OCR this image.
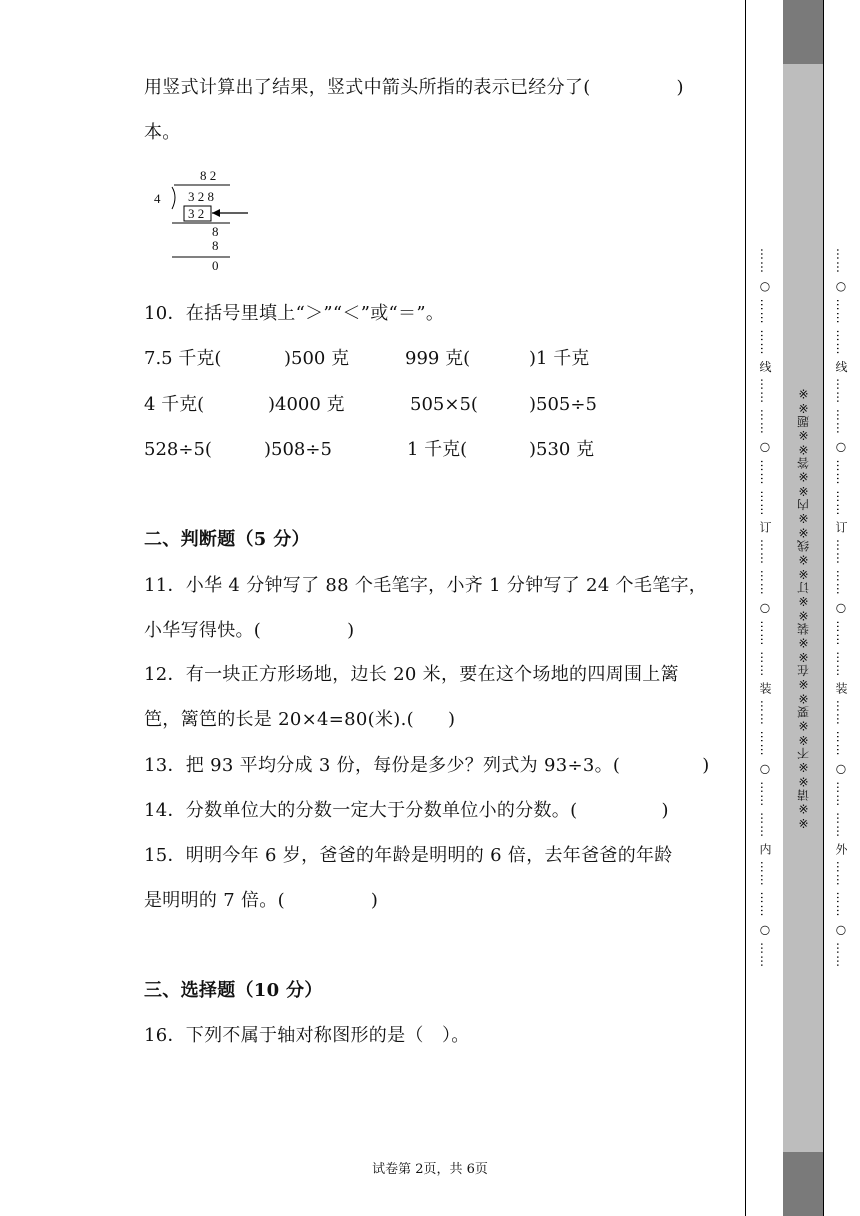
用竖式计算出了结果，竖式中箭头所指的表示已经分了(	)
本。
8 2
4 3 2 8
3 2
8
8
0
10．在括号里填上“＞”“＜”或“＝”。
7.5 千克(	)500 克	999 克(	)1 千克
4 千克(	)4000 克	505×5(	)505÷5
528÷5(	)508÷5	1 千克(	)530 克
二、判断题（5 分）
11．小华 4 分钟写了 88 个毛笔字，小齐 1 分钟写了 24 个毛笔字，
小华写得快。(	)
12．有一块正方形场地，边长 20 米，要在这个场地的四周围上篱
笆，篱笆的长是 20×4=80(米).( )
13．把 93 平均分成 3 份，每份是多少？列式为 93÷3。(	)
14．分数单位大的分数一定大于分数单位小的分数。(	)
15．明明今年 6 岁，爸爸的年龄是明明的 6 倍，去年爸爸的年龄
是明明的 7 倍。(	)
三、选择题（10 分）
16．下列不属于轴对称图形的是（　）。
试卷第 2页，共 6页
…… ○ …… …… 线 …… …… ○ …… …… 订 …… …… ○ …… …… 装 …… …… ○ …… …… 内 …… …… ○ ……	※※请※※不※※要※※在※※装※※订※※线※※内※※答※※题※※	…… ○ …… …… 线 …… …… ○ …… …… 订 …… …… ○ …… …… 装 …… …… ○ …… …… 外 …… …… ○ ……
